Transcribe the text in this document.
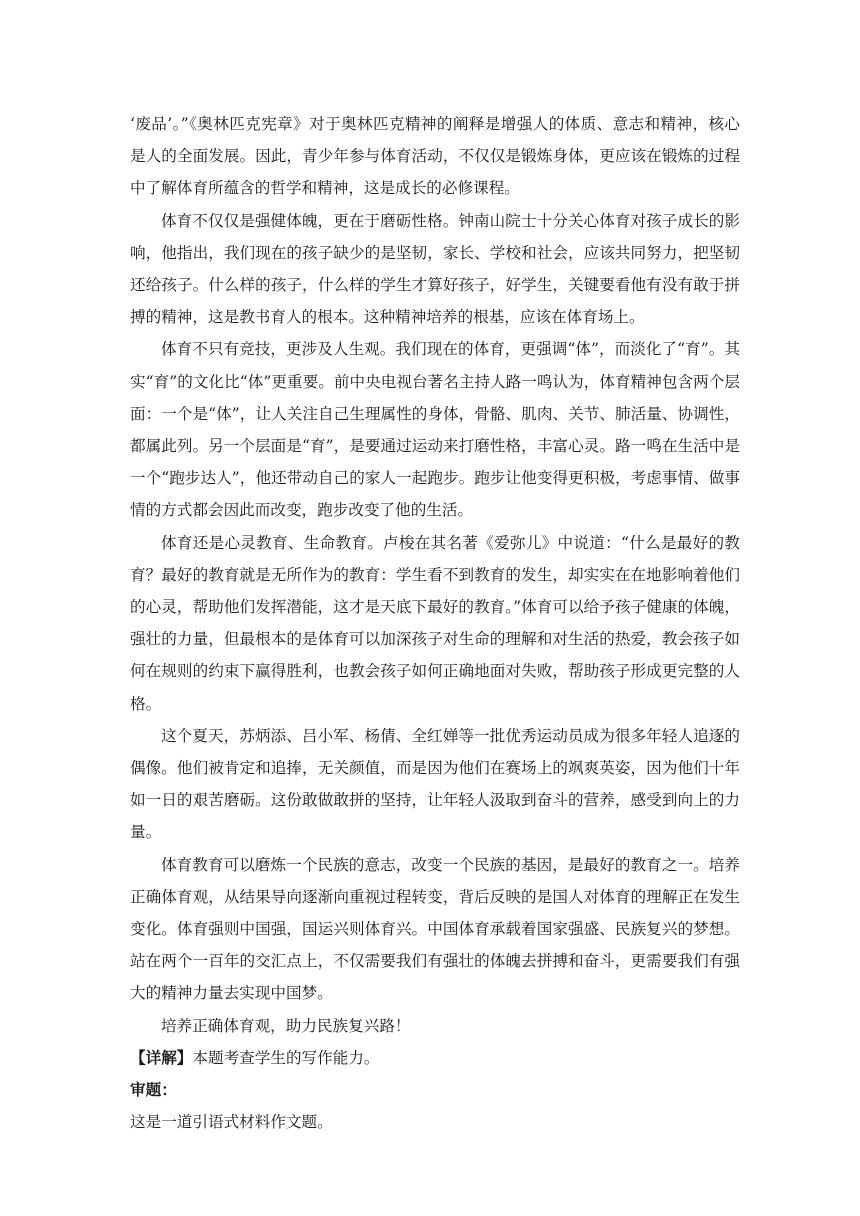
‘废品’。”《奥林匹克宪章》对于奥林匹克精神的阐释是增强人的体质、意志和精神，核心是人的全面发展。因此，青少年参与体育活动，不仅仅是锻炼身体，更应该在锻炼的过程中了解体育所蕴含的哲学和精神，这是成长的必修课程。

体育不仅仅是强健体魄，更在于磨砺性格。钟南山院士十分关心体育对孩子成长的影响，他指出，我们现在的孩子缺少的是坚韧，家长、学校和社会，应该共同努力，把坚韧还给孩子。什么样的孩子，什么样的学生才算好孩子，好学生，关键要看他有没有敢于拼搏的精神，这是教书育人的根本。这种精神培养的根基，应该在体育场上。

体育不只有竞技，更涉及人生观。我们现在的体育，更强调“体”，而淡化了“育”。其实“育”的文化比“体”更重要。前中央电视台著名主持人路一鸣认为，体育精神包含两个层面：一个是“体”，让人关注自己生理属性的身体，骨骼、肌肉、关节、肺活量、协调性，都属此列。另一个层面是“育”，是要通过运动来打磨性格，丰富心灵。路一鸣在生活中是一个“跑步达人”，他还带动自己的家人一起跑步。跑步让他变得更积极，考虑事情、做事情的方式都会因此而改变，跑步改变了他的生活。

体育还是心灵教育、生命教育。卢梭在其名著《爱弥儿》中说道：“什么是最好的教育？最好的教育就是无所作为的教育：学生看不到教育的发生，却实实在在地影响着他们的心灵，帮助他们发挥潜能，这才是天底下最好的教育。”体育可以给予孩子健康的体魄，强壮的力量，但最根本的是体育可以加深孩子对生命的理解和对生活的热爱，教会孩子如何在规则的约束下赢得胜利，也教会孩子如何正确地面对失败，帮助孩子形成更完整的人格。

这个夏天，苏炳添、吕小军、杨倩、全红婵等一批优秀运动员成为很多年轻人追逐的偶像。他们被肯定和追捧，无关颜值，而是因为他们在赛场上的飒爽英姿，因为他们十年如一日的艰苦磨砺。这份敢做敢拼的坚持，让年轻人汲取到奋斗的营养，感受到向上的力量。

体育教育可以磨炼一个民族的意志，改变一个民族的基因，是最好的教育之一。培养正确体育观，从结果导向逐渐向重视过程转变，背后反映的是国人对体育的理解正在发生变化。体育强则中国强，国运兴则体育兴。中国体育承载着国家强盛、民族复兴的梦想。站在两个一百年的交汇点上，不仅需要我们有强壮的体魄去拼搏和奋斗，更需要我们有强大的精神力量去实现中国梦。

培养正确体育观，助力民族复兴路！

【详解】本题考查学生的写作能力。

审题：

这是一道引语式材料作文题。
